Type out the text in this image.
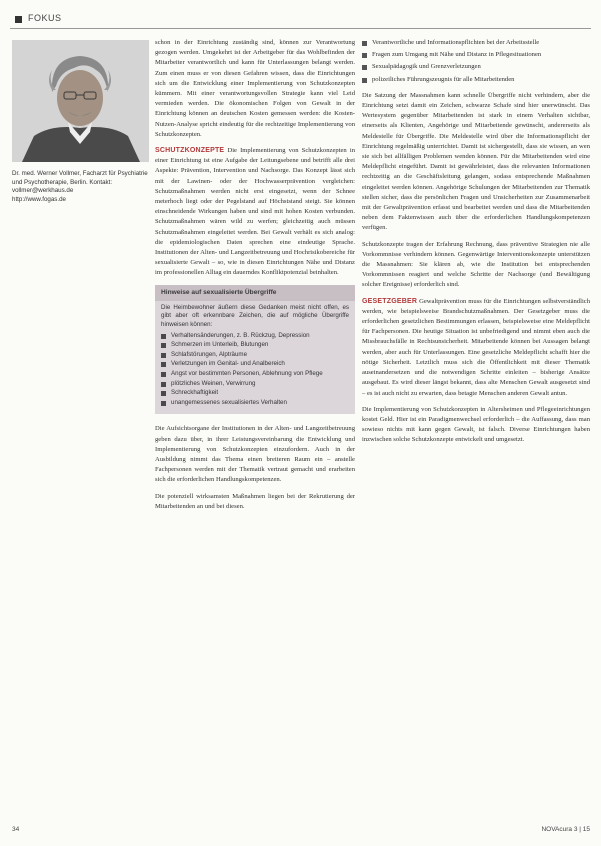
FOKUS
Dr. med. Werner Vollmer, Facharzt für Psychiatrie und Psychotherapie, Berlin. Kontakt: vollmer@werkhaus.de
http://www.fogas.de

schon in der Einrichtung zuständig sind, können zur Verantwortung gezogen werden. Umgekehrt ist der Arbeitgeber für das Wohlbefinden der Mitarbeiter verantwortlich und kann für Unterlassungen belangt werden. Zum einen muss er von diesen Gefahren wissen, dass die Einrichtungen sich um die Entwicklung einer Implementierung von Schutzkonzepten kümmern. Mit einer verantwortungsvollen Strategie kann viel Leid vermieden werden. Die ökonomischen Folgen von Gewalt in der Einrichtung können an deutschen Kosten gemessen werden: die Kosten-Nutzen-Analyse spricht eindeutig für die rechtzeitige Implementierung von Schutzkonzepten.

SCHUTZKONZEPTE Die Implementierung von Schutzkonzepten in einer Einrichtung ist eine Aufgabe der Leitungsebene und betrifft alle drei Aspekte: Prävention, Intervention und Nachsorge. Das Konzept lässt sich mit der Lawinen- oder der Hochwasserprävention vergleichen: Schutzmaßnahmen werden nicht erst eingesetzt, wenn der Schnee meterhoch liegt oder der Pegelstand auf Höchststand steigt. Sie können einschneidende Wirkungen haben und sind mit hohen Kosten verbunden. Schutzmaßnahmen wären wild zu werfen; gleichzeitig auch müssen Schutzmaßnahmen eingeleitet werden. Bei Gewalt verhält es sich analog: die epidemiologischen Daten sprechen eine eindeutige Sprache. Institutionen der Alten- und Langzeitbetreuung und Hochrisikobereiche für sexualisierte Gewalt – so, wie in diesen Einrichtungen Nähe und Distanz im professionellen Alltag ein dauerndes Konfliktpotenzial beinhalten.

Hinweise auf sexualisierte Übergriffe
Die Heimbewohner äußern diese Gedanken meist nicht offen, es gibt aber oft erkennbare Zeichen, die auf mögliche Übergriffe hinweisen können:
Verhaltensänderungen, z. B. Rückzug, Depression
Schmerzen im Unterleib, Blutungen
Schlafstörungen, Alpträume
Verletzungen im Genital- und Analbereich
Angst vor bestimmten Personen, Ablehnung von Pflege
plötzliches Weinen, Verwirrung
Schreckhaftigkeit
unangemessenes sexualisiertes Verhalten

Die Aufsichtsorgane der Institutionen in der Alten- und Langzeitbetreuung geben dazu über, in ihrer Leistungsvereinbarung die Entwicklung und Implementierung von Schutzkonzepten einzufordern. Auch in der Ausbildung nimmt das Thema einen breiteren Raum ein – anstelle Fachpersonen werden mit der Thematik vertraut gemacht und erarbeiten sich die erforderlichen Handlungskompetenzen.

Die potenziell wirksamsten Maßnahmen liegen bei der Rekrutierung der Mitarbeitenden an und bei diesen.

Verantwortliche und Informationspflichten bei der Arbeitsstelle
Fragen zum Umgang mit Nähe und Distanz in Pflegesituationen
Sexualpädagogik und Grenzverletzungen
polizeiliches Führungszeugnis für alle Mitarbeitenden

Die Satzung der Massnahmen kann schnelle Übergriffe nicht verhindern, aber die Einrichtung setzt damit ein Zeichen, schwarze Schafe sind hier unerwünscht. Das Wertesystem gegenüber Mitarbeitenden ist stark in einem Verhalten sichtbar, einerseits als Klienten, Angehörige und Mitarbeitende gewünscht, andererseits als Meldestelle für Übergriffe. Die Meldestelle wird über die Informationspflicht der Einrichtung regelmäßig unterrichtet. Damit ist sichergestellt, dass sie wissen, an wen sie sich bei allfälligen Problemen wenden können. Für die Mitarbeitenden wird eine Meldepflicht eingeführt. Damit ist gewährleistet, dass die relevanten Informationen rechtzeitig an die Geschäftsleitung gelangen, sodass entsprechende Maßnahmen eingeleitet werden können. Angehörige Schulungen der Mitarbeitenden zur Thematik stellen sicher, dass die persönlichen Fragen und Unsicherheiten zur Zusammenarbeit mit der Gewaltprävention erfasst und bearbeitet werden und dass die Mitarbeitenden neben dem Faktenwissen auch über die erforderlichen Handlungskompetenzen verfügen.

Schutzkonzepte tragen der Erfahrung Rechnung, dass präventive Strategien nie alle Vorkommnisse verhindern können. Gegenwärtige Interventionskonzepte unterstützen die Massnahmen: Sie klären ab, wie die Institution bei entsprechenden Vorkommnissen reagiert und welche Schritte der Nachsorge (und Bewältigung solcher Ereignisse) erforderlich sind.

GESETZGEBER Gewaltprävention muss für die Einrichtungen selbstverständlich werden, wie beispielsweise Brandschutzmaßnahmen. Der Gesetzgeber muss die erforderlichen gesetzlichen Bestimmungen erlassen, beispielsweise eine Meldepflicht für Fachpersonen. Die heutige Situation ist unbefriedigend und nimmt eben auch die Missbrauchsfälle in Rechtsunsicherheit. Mitarbeitende können bei Aussagen belangt werden, aber auch für Unterlassungen. Eine gesetzliche Meldepflicht schafft hier die nötige Sicherheit. Letztlich muss sich die Öffentlichkeit mit dieser Thematik auseinandersetzen und die notwendigen Schritte einleiten – bisherige Ansätze ausgebaut. Es wird dieser längst bekannt, dass alte Menschen Gewalt ausgesetzt sind – es ist auch nicht zu erwarten, dass betagte Menschen anderen Gewalt antun.

Die Implementierung von Schutzkonzepten in Altersheimen und Pflegeeinrichtungen kostet Geld. Hier ist ein Paradigmenwechsel erforderlich – die Auffassung, dass man sowieso nichts mit kann gegen Gewalt, ist falsch. Diverse Einrichtungen haben inzwischen solche Schutzkonzepte entwickelt und umgesetzt.

34	NOVAcura 3 | 15
